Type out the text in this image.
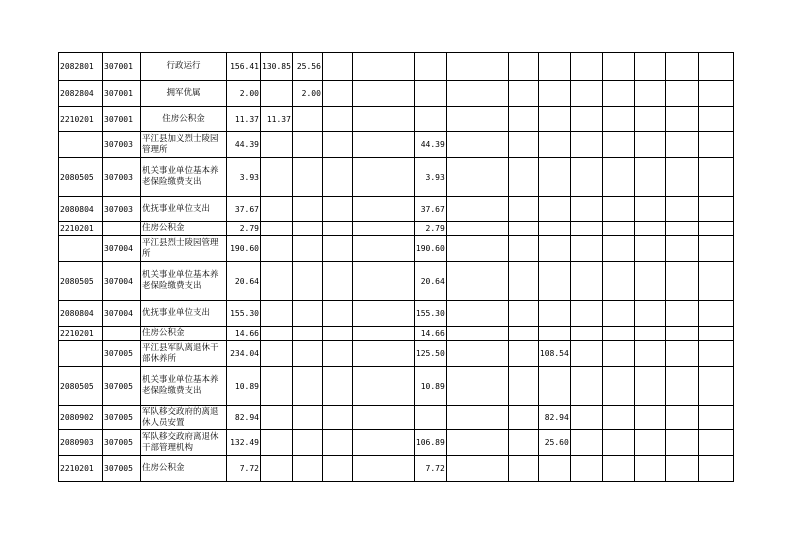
2082801	307001	行政运行	156.41	130.85	25.56											
2082804	307001	拥军优属	2.00		2.00											
2210201	307001	住房公积金	11.37	11.37												
	307003	平江县加义烈士陵园管理所	44.39					44.39								
2080505	307003	机关事业单位基本养老保险缴费支出	3.93					3.93								
2080804	307003	优抚事业单位支出	37.67					37.67								
2210201		住房公积金	2.79					2.79								
	307004	平江县烈士陵园管理所	190.60					190.60								
2080505	307004	机关事业单位基本养老保险缴费支出	20.64					20.64								
2080804	307004	优抚事业单位支出	155.30					155.30								
2210201		住房公积金	14.66					14.66								
	307005	平江县军队离退休干部休养所	234.04					125.50			108.54					
2080505	307005	机关事业单位基本养老保险缴费支出	10.89					10.89								
2080902	307005	军队移交政府的离退休人员安置	82.94								82.94					
2080903	307005	军队移交政府离退休干部管理机构	132.49					106.89			25.60					
2210201	307005	住房公积金	7.72					7.72								
